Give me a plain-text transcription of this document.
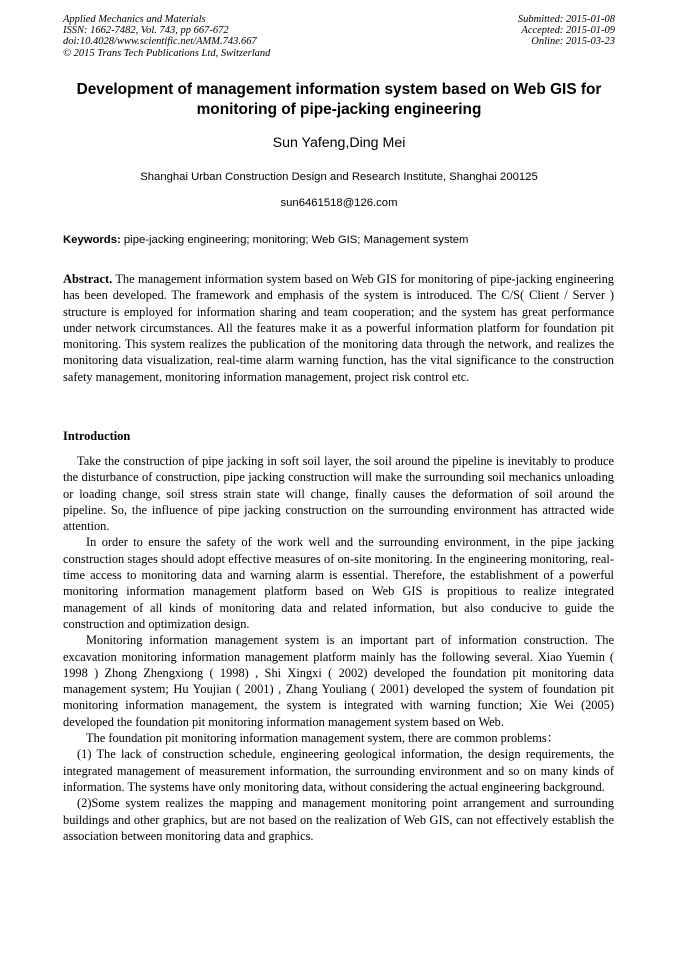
Applied Mechanics and Materials
ISSN: 1662-7482, Vol. 743, pp 667-672
doi:10.4028/www.scientific.net/AMM.743.667
© 2015 Trans Tech Publications Ltd, Switzerland
Submitted: 2015-01-08
Accepted: 2015-01-09
Online: 2015-03-23
Development of management information system based on Web GIS for
monitoring of pipe-jacking engineering
Sun Yafeng,Ding Mei
Shanghai Urban Construction Design and Research Institute, Shanghai 200125
sun6461518@126.com
Keywords: pipe-jacking engineering; monitoring; Web GIS; Management system
Abstract. The management information system based on Web GIS for monitoring of pipe-jacking engineering has been developed. The framework and emphasis of the system is introduced. The C/S( Client / Server ) structure is employed for information sharing and team cooperation; and the system has great performance under network circumstances. All the features make it as a powerful information platform for foundation pit monitoring. This system realizes the publication of the monitoring data through the network, and realizes the monitoring data visualization, real-time alarm warning function, has the vital significance to the construction safety management, monitoring information management, project risk control etc.
Introduction

Take the construction of pipe jacking in soft soil layer, the soil around the pipeline is inevitably to produce the disturbance of construction, pipe jacking construction will make the surrounding soil mechanics unloading or loading change, soil stress strain state will change, finally causes the deformation of soil around the pipeline. So, the influence of pipe jacking construction on the surrounding environment has attracted wide attention.

In order to ensure the safety of the work well and the surrounding environment, in the pipe jacking construction stages should adopt effective measures of on-site monitoring. In the engineering monitoring, real-time access to monitoring data and warning alarm is essential. Therefore, the establishment of a powerful monitoring information management platform based on Web GIS is propitious to realize integrated management of all kinds of monitoring data and related information, but also conducive to guide the construction and optimization design.

Monitoring information management system is an important part of information construction. The excavation monitoring information management platform mainly has the following several. Xiao Yuemin ( 1998 ) Zhong Zhengxiong ( 1998) , Shi Xingxi ( 2002) developed the foundation pit monitoring data management system; Hu Youjian ( 2001) , Zhang Youliang ( 2001) developed the system of foundation pit monitoring information management, the system is integrated with warning function; Xie Wei (2005) developed the foundation pit monitoring information management system based on Web.

The foundation pit monitoring information management system, there are common problems：

(1) The lack of construction schedule, engineering geological information, the design requirements, the integrated management of measurement information, the surrounding environment and so on many kinds of information. The systems have only monitoring data, without considering the actual engineering background.

(2)Some system realizes the mapping and management monitoring point arrangement and surrounding buildings and other graphics, but are not based on the realization of Web GIS, can not effectively establish the association between monitoring data and graphics.
